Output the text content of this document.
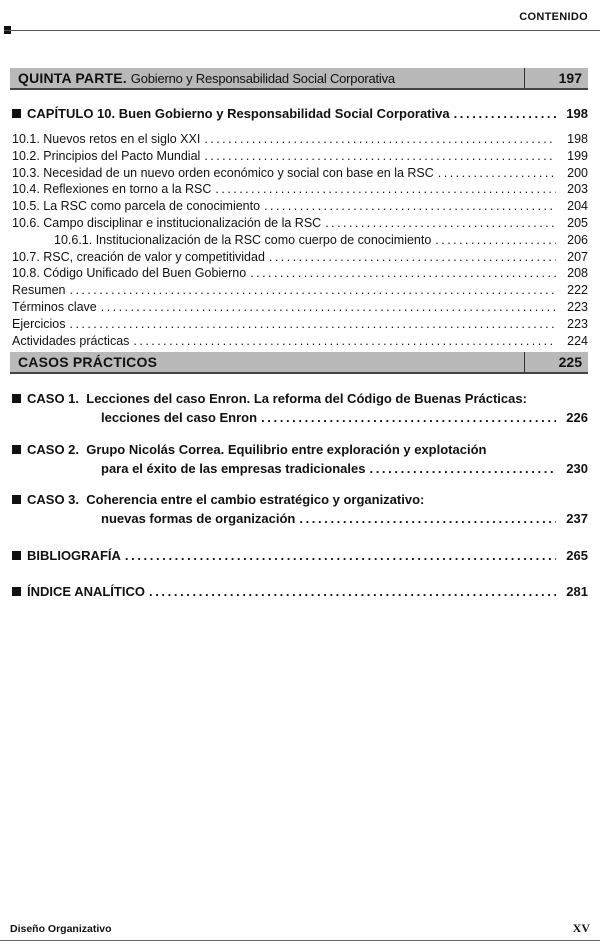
CONTENIDO
QUINTA PARTE. Gobierno y Responsabilidad Social Corporativa	197
CAPÍTULO 10. Buen Gobierno y Responsabilidad Social Corporativa . . .	198
10.1. Nuevos retos en el siglo XXI . . .	198
10.2. Principios del Pacto Mundial . . .	199
10.3. Necesidad de un nuevo orden económico y social con base en la RSC . . .	200
10.4. Reflexiones en torno a la RSC . . .	203
10.5. La RSC como parcela de conocimiento . . .	204
10.6. Campo disciplinar e institucionalización de la RSC . . .	205
10.6.1. Institucionalización de la RSC como cuerpo de conocimiento . . .	206
10.7. RSC, creación de valor y competitividad . . .	207
10.8. Código Unificado del Buen Gobierno . . .	208
Resumen . . .	222
Términos clave . . .	223
Ejercicios . . .	223
Actividades prácticas . . .	224
CASOS PRÁCTICOS	225
CASO 1. Lecciones del caso Enron. La reforma del Código de Buenas Prácticas:
lecciones del caso Enron . . .	226
CASO 2. Grupo Nicolás Correa. Equilibrio entre exploración y explotación
para el éxito de las empresas tradicionales . . .	230
CASO 3. Coherencia entre el cambio estratégico y organizativo:
nuevas formas de organización . . .	237
BIBLIOGRAFÍA . . .	265
ÍNDICE ANALÍTICO . . .	281
Diseño Organizativo	XV
